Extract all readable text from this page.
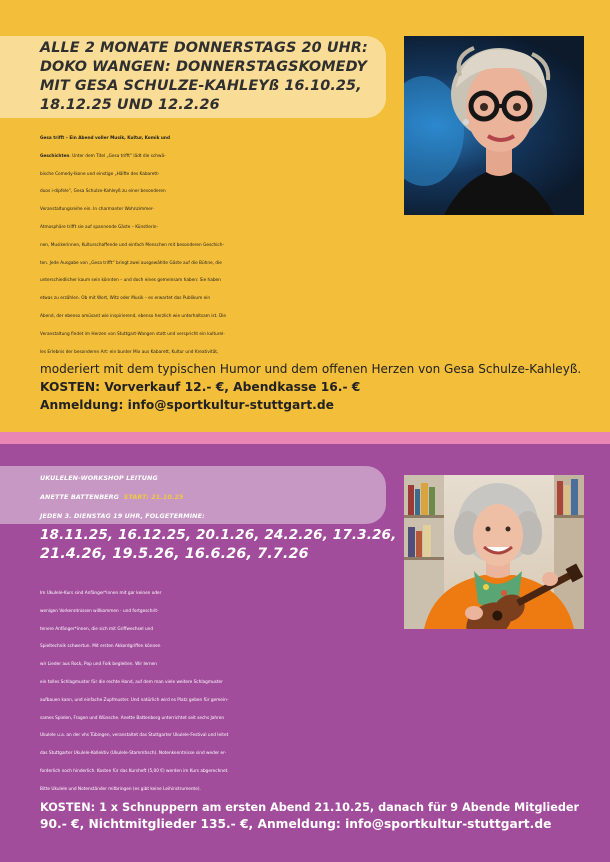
ALLE 2 MONATE DONNERSTAGS 20 UHR:
DOKO WANGEN: DONNERSTAGSKOMEDY
MIT GESA SCHULZE-KAHLEYß 16.10.25,
18.12.25 UND 12.2.26
Gesa trifft – Ein Abend voller Musik, Kultur, Komik und
Geschichten. Unter dem Titel „Gesa trifft“ lädt die schwä-
bische Comedy-Ikone und einstige „Hälfte des Kabarett-
duos i-dipfele“, Gesa Schulze-Kahleyß zu einer besonderen
Veranstaltungsreihe ein. In charmanter Wohnzimmer-
Atmosphäre trifft sie auf spannende Gäste – Künstlerin-
nen, Musikerinnen, Kulturschaffende und einfach Menschen mit besonderen Geschich-
ten. Jede Ausgabe von „Gesa trifft“ bringt zwei ausgewählte Gäste auf die Bühne, die
unterschiedlicher kaum sein könnten – und doch eines gemeinsam haben: Sie haben
etwas zu erzählen. Ob mit Wort, Witz oder Musik – es erwartet das Publikum ein
Abend, der ebenso amüsant wie inspirierend, ebenso herzlich wie unterhaltsam ist. Die
Veranstaltung findet im Herzen von Stuttgart-Wangen statt und verspricht ein kulturel-
les Erlebnis der besonderen Art: ein bunter Mix aus Kabarett, Kultur und Kreativität,
moderiert mit dem typischen Humor und dem offenen Herzen von Gesa Schulze-Kahleyß.
KOSTEN: Vorverkauf 12.- €, Abendkasse 16.- €
Anmeldung: info@sportkultur-stuttgart.de
UKULELEN-WORKSHOP LEITUNG
ANETTE BATTENBERG START: 21.10.25
JEDEN 3. DIENSTAG 19 UHR, FOLGETERMINE:
18.11.25, 16.12.25, 20.1.26, 24.2.26, 17.3.26,
21.4.26, 19.5.26, 16.6.26, 7.7.26
Im Ukulele-Kurs sind Anfänger*innen mit gar keinen oder
wenigen Vorkenntnissen willkommen - und fortgeschrit-
tenere Anfänger*innen, die sich mit Griffwechsel und
Spieltechnik schwertun. Mit ersten Akkordgriffen können
wir Lieder aus Rock, Pop und Folk begleiten. Wir lernen
ein tolles Schlagmuster für die rechte Hand, auf dem man viele weitere Schlagmuster
aufbauen kann, und einfache Zupfmuster. Und natürlich wird es Platz geben für gemein-
sames Spielen, Fragen und Wünsche. Anette Battenberg unterrichtet seit sechs Jahren
Ukulele u.a. an der vhs Tübingen, veranstaltet das Stuttgarter Ukulele-Festival und leitet
das Stuttgarter Ukulele-Kollektiv (Ukulele-Stammtisch). Notenkenntnisse sind weder er-
forderlich noch hinderlich. Kosten für das Kursheft (5,00 €) werden im Kurs abgerechnet.
Bitte Ukulele und Notenständer mitbringen (es gibt keine Leihinstrumente).
KOSTEN: 1 x Schnuppern am ersten Abend 21.10.25, danach für 9 Abende Mitglieder
90.- €, Nichtmitglieder 135.- €, Anmeldung: info@sportkultur-stuttgart.de
